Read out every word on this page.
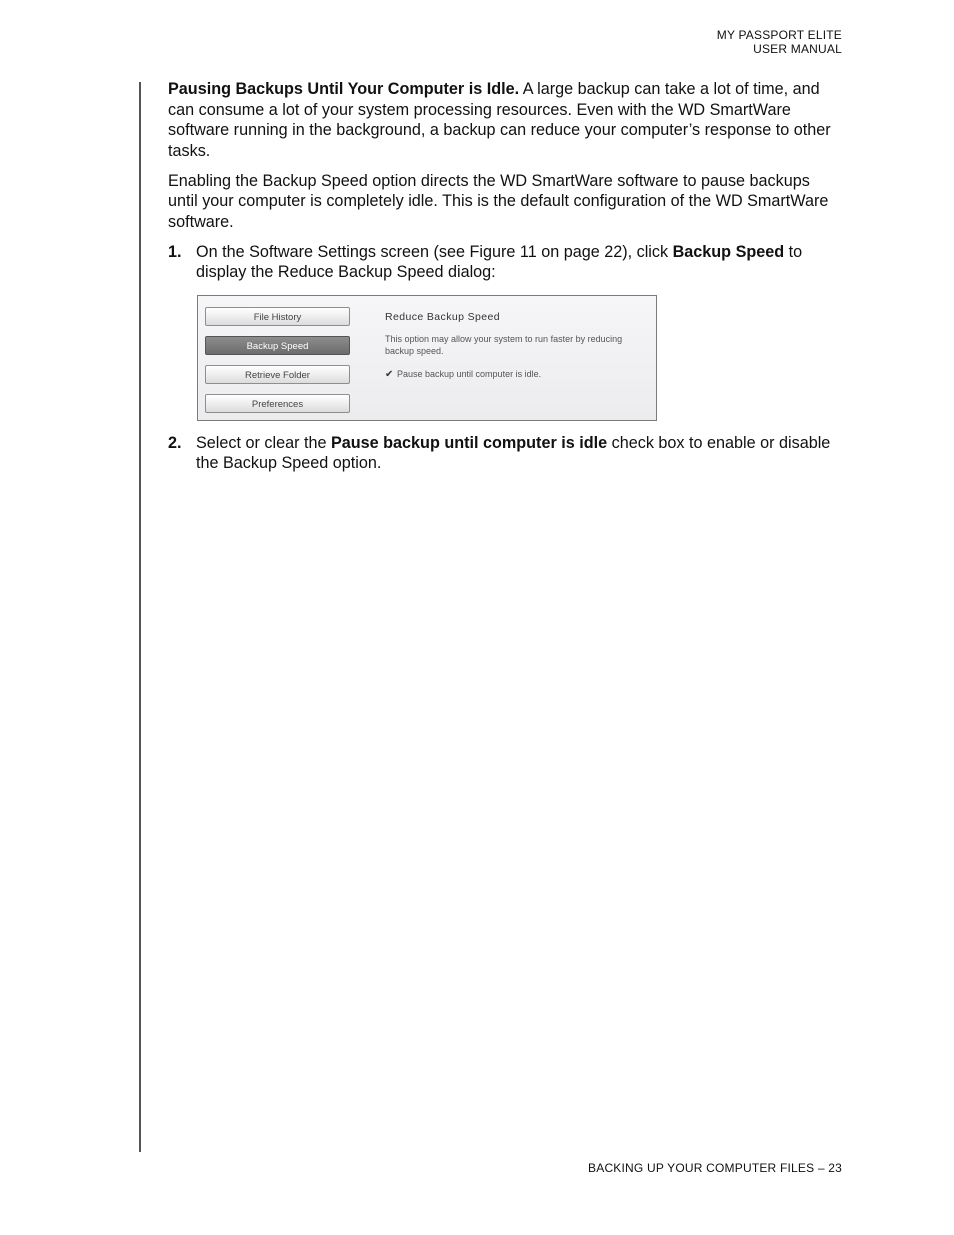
MY PASSPORT ELITE
USER MANUAL

Pausing Backups Until Your Computer is Idle. A large backup can take a lot of time, and can consume a lot of your system processing resources. Even with the WD SmartWare software running in the background, a backup can reduce your computer’s response to other tasks.

Enabling the Backup Speed option directs the WD SmartWare software to pause backups until your computer is completely idle. This is the default configuration of the WD SmartWare software.

1. On the Software Settings screen (see Figure 11 on page 22), click Backup Speed to display the Reduce Backup Speed dialog:
File History
Backup Speed
Retrieve Folder
Preferences
Reduce Backup Speed
This option may allow your system to run faster by reducing backup speed.
✔ Pause backup until computer is idle.
2. Select or clear the Pause backup until computer is idle check box to enable or disable the Backup Speed option.
BACKING UP YOUR COMPUTER FILES – 23
